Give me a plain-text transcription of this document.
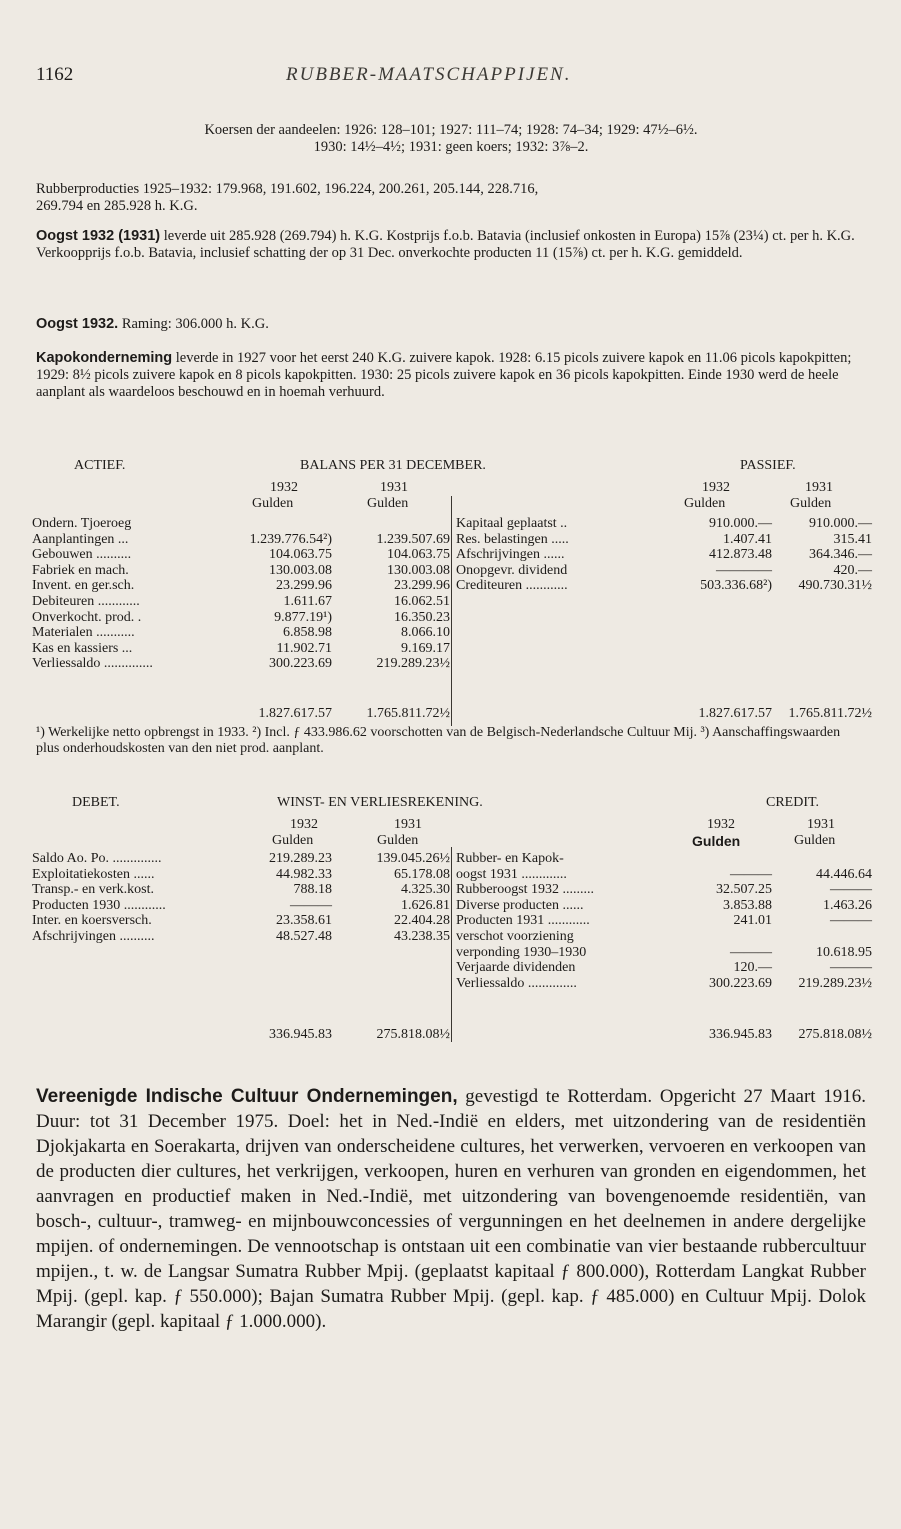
1162	RUBBER-MAATSCHAPPIJEN.

Koersen der aandeelen: 1926: 128–101; 1927: 111–74; 1928: 74–34; 1929: 47½–6½.
1930: 14½–4½; 1931: geen koers; 1932: 3⅞–2.

Rubberproducties 1925–1932: 179.968, 191.602, 196.224, 200.261, 205.144, 228.716,
269.794 en 285.928 h. K.G.

Oogst 1932 (1931) leverde uit 285.928 (269.794) h. K.G. Kostprijs f.o.b. Batavia (inclusief onkosten in Europa) 15⅞ (23¼) ct. per h. K.G. Verkoopprijs f.o.b. Batavia, inclusief schatting der op 31 Dec. onverkochte producten 11 (15⅞) ct. per h. K.G. gemiddeld.

Oogst 1932. Raming: 306.000 h. K.G.

Kapokonderneming leverde in 1927 voor het eerst 240 K.G. zuivere kapok. 1928: 6.15 picols zuivere kapok en 11.06 picols kapokpitten; 1929: 8½ picols zuivere kapok en 8 picols kapokpitten. 1930: 25 picols zuivere kapok en 36 picols kapokpitten. Einde 1930 werd de heele aanplant als waardeloos beschouwd en in hoemah verhuurd.

ACTIEF.	BALANS PER 31 DECEMBER.	PASSIEF.
1932	1931
Gulden	Gulden
1932	1931
Gulden	Gulden
Ondern. Tjoeroeg
Aanplantingen ...	1.239.776.54²)	1.239.507.69
Gebouwen ..........	104.063.75	104.063.75
Fabriek en mach.	130.003.08	130.003.08
Invent. en ger.sch.	23.299.96	23.299.96
Debiteuren ............	1.611.67	16.062.51
Onverkocht. prod. .	9.877.19¹)	16.350.23
Materialen ...........	6.858.98	8.066.10
Kas en kassiers ...	11.902.71	9.169.17
Verliessaldo ..............	300.223.69	219.289.23½
Kapitaal geplaatst ..	910.000.—	910.000.—
Res. belastingen .....	1.407.41	315.41
Afschrijvingen ......	412.873.48	364.346.—
Onopgevr. dividend	————	420.—
Crediteuren ............	503.336.68²)	490.730.31½
1.827.617.57	1.765.811.72½	1.827.617.57	1.765.811.72½

¹) Werkelijke netto opbrengst in 1933. ²) Incl. ƒ 433.986.62 voorschotten van de Belgisch-Nederlandsche Cultuur Mij. ³) Aanschaffingswaarden plus onderhoudskosten van den niet prod. aanplant.

DEBET.	WINST- EN VERLIESREKENING.	CREDIT.
1932	1931
Gulden	Gulden
1932	1931
Gulden	Gulden
Saldo Ao. Po. ..............	219.289.23	139.045.26½
Exploitatiekosten ......	44.982.33	65.178.08
Transp.- en verk.kost.	788.18	4.325.30
Producten 1930 ............	———	1.626.81
Inter. en koersversch.	23.358.61	22.404.28
Afschrijvingen ..........	48.527.48	43.238.35
Rubber- en Kapok-
oogst 1931 .............	———	44.446.64
Rubberoogst 1932 .........	32.507.25	———
Diverse producten ......	3.853.88	1.463.26
Producten 1931 ............	241.01	———
verschot voorziening
verponding 1930–1930	———	10.618.95
Verjaarde dividenden	120.—	———
Verliessaldo ..............	300.223.69	219.289.23½
336.945.83	275.818.08½	336.945.83	275.818.08½

Vereenigde Indische Cultuur Ondernemingen, gevestigd te Rotterdam. Opgericht 27 Maart 1916. Duur: tot 31 December 1975. Doel: het in Ned.-Indië en elders, met uitzondering van de residentiën Djokjakarta en Soerakarta, drijven van onderscheidene cultures, het verwerken, vervoeren en verkoopen van de producten dier cultures, het verkrijgen, verkoopen, huren en verhuren van gronden en eigendommen, het aanvragen en productief maken in Ned.-Indië, met uitzondering van bovengenoemde residentiën, van bosch-, cultuur-, tramweg- en mijnbouwconcessies of vergunningen en het deelnemen in andere dergelijke mpijen. of ondernemingen. De vennootschap is ontstaan uit een combinatie van vier bestaande rubbercultuur mpijen., t. w. de Langsar Sumatra Rubber Mpij. (geplaatst kapitaal ƒ 800.000), Rotterdam Langkat Rubber Mpij. (gepl. kap. ƒ 550.000); Bajan Sumatra Rubber Mpij. (gepl. kap. ƒ 485.000) en Cultuur Mpij. Dolok Marangir (gepl. kapitaal ƒ 1.000.000).
